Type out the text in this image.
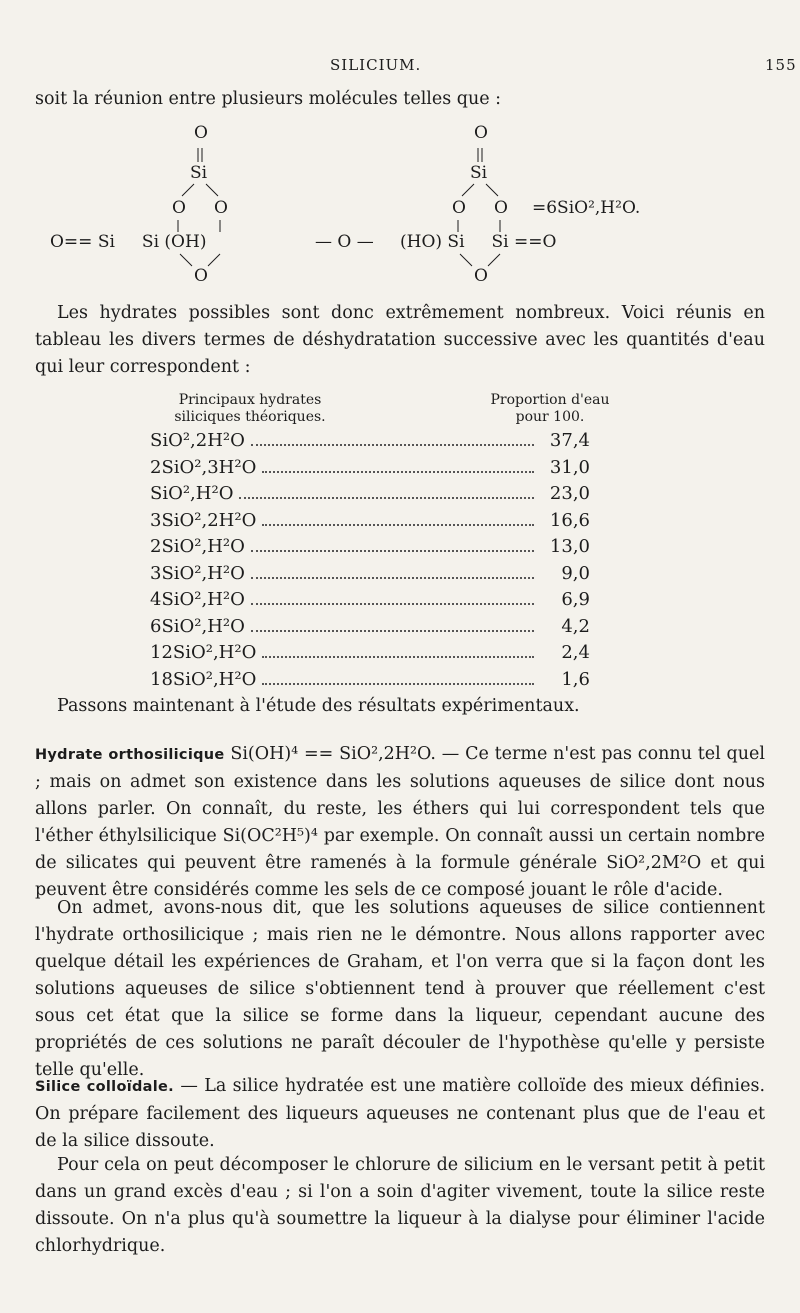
SILICIUM.	155

soit la réunion entre plusieurs molécules telles que :

O
Si
O O
O== Si     Si (OH)
O
— O —
O
Si
O O
(HO) Si     Si ==O
O
=6SiO²,H²O.

Les hydrates possibles sont donc extrêmement nombreux. Voici réunis en tableau les divers termes de déshydratation successive avec les quantités d'eau qui leur correspondent :

Principaux hydrates siliciques théoriques.
Proportion d'eau pour 100.
SiO²,2H²O	37,4
2SiO²,3H²O	31,0
SiO²,H²O	23,0
3SiO²,2H²O	16,6
2SiO²,H²O	13,0
3SiO²,H²O	9,0
4SiO²,H²O	6,9
6SiO²,H²O	4,2
12SiO²,H²O	2,4
18SiO²,H²O	1,6

Passons maintenant à l'étude des résultats expérimentaux.

Hydrate orthosilicique Si(OH)⁴ == SiO²,2H²O. — Ce terme n'est pas connu tel quel ; mais on admet son existence dans les solutions aqueuses de silice dont nous allons parler. On connaît, du reste, les éthers qui lui correspondent tels que l'éther éthylsilicique Si(OC²H⁵)⁴ par exemple. On connaît aussi un certain nombre de silicates qui peuvent être ramenés à la formule générale SiO²,2M²O et qui peuvent être considérés comme les sels de ce composé jouant le rôle d'acide.

On admet, avons-nous dit, que les solutions aqueuses de silice contiennent l'hydrate orthosilicique ; mais rien ne le démontre. Nous allons rapporter avec quelque détail les expériences de Graham, et l'on verra que si la façon dont les solutions aqueuses de silice s'obtiennent tend à prouver que réellement c'est sous cet état que la silice se forme dans la liqueur, cependant aucune des propriétés de ces solutions ne paraît découler de l'hypothèse qu'elle y persiste telle qu'elle.

Silice colloïdale. — La silice hydratée est une matière colloïde des mieux définies. On prépare facilement des liqueurs aqueuses ne contenant plus que de l'eau et de la silice dissoute.

Pour cela on peut décomposer le chlorure de silicium en le versant petit à petit dans un grand excès d'eau ; si l'on a soin d'agiter vivement, toute la silice reste dissoute. On n'a plus qu'à soumettre la liqueur à la dialyse pour éliminer l'acide chlorhydrique.
